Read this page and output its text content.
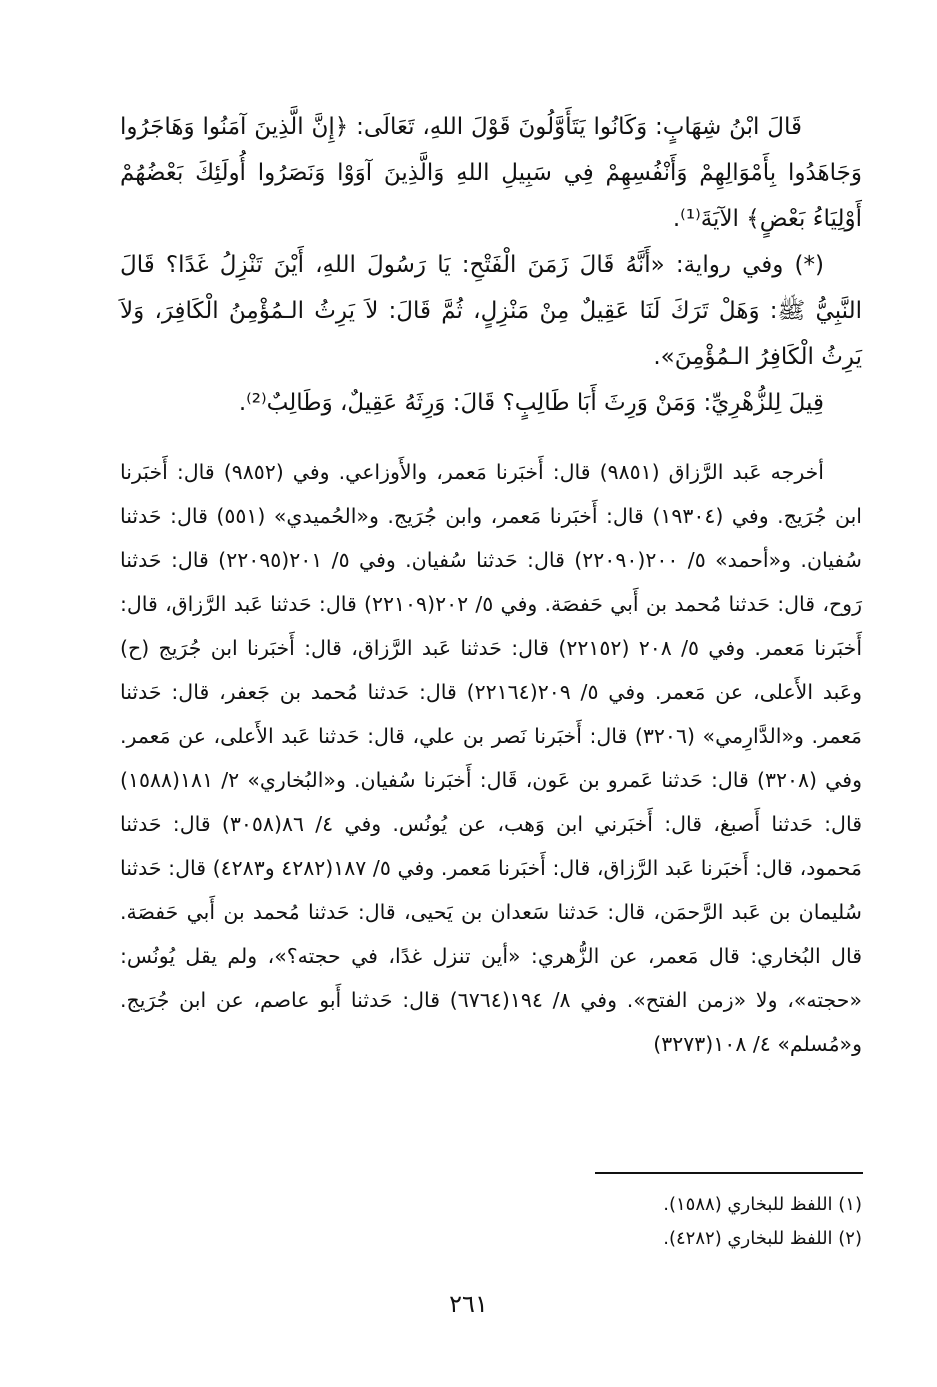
قَالَ ابْنُ شِهَابٍ: وَكَانُوا يَتَأَوَّلُونَ قَوْلَ اللهِ، تَعَالَى: ﴿إِنَّ الَّذِينَ آمَنُوا وَهَاجَرُوا وَجَاهَدُوا بِأَمْوَالِهِمْ وَأَنْفُسِهِمْ فِي سَبِيلِ اللهِ وَالَّذِينَ آوَوْا وَنَصَرُوا أُولَئِكَ بَعْضُهُمْ أَوْلِيَاءُ بَعْضٍ﴾ الآيَةَ⁽¹⁾.

(*) وفي رواية: «أَنَّهُ قَالَ زَمَنَ الْفَتْحِ: يَا رَسُولَ اللهِ، أَيْنَ تَنْزِلُ غَدًا؟ قَالَ النَّبِيُّ ﷺ: وَهَلْ تَرَكَ لَنَا عَقِيلٌ مِنْ مَنْزِلٍ، ثُمَّ قَالَ: لاَ يَرِثُ الـمُؤْمِنُ الْكَافِرَ، وَلاَ يَرِثُ الْكَافِرُ الـمُؤْمِنَ».

قِيلَ لِلزُّهْرِيِّ: وَمَنْ وَرِثَ أَبَا طَالِبٍ؟ قَالَ: وَرِثَهُ عَقِيلٌ، وَطَالِبٌ⁽²⁾.

أخرجه عَبد الرَّزاق (٩٨٥١) قال: أَخبَرنا مَعمر، والأَوزاعي. وفي (٩٨٥٢) قال: أَخبَرنا ابن جُرَيج. وفي (١٩٣٠٤) قال: أَخبَرنا مَعمر، وابن جُرَيج. و«الحُميدي» (٥٥١) قال: حَدثنا سُفيان. و«أحمد» ٥/ ٢٠٠(٢٢٠٩٠) قال: حَدثنا سُفيان. وفي ٥/ ٢٠١(٢٢٠٩٥) قال: حَدثنا رَوح، قال: حَدثنا مُحمد بن أَبي حَفصَة. وفي ٥/ ٢٠٢(٢٢١٠٩) قال: حَدثنا عَبد الرَّزاق، قال: أَخبَرنا مَعمر. وفي ٥/ ٢٠٨ (٢٢١٥٢) قال: حَدثنا عَبد الرَّزاق، قال: أَخبَرنا ابن جُرَيج (ح) وعَبد الأَعلى، عن مَعمر. وفي ٥/ ٢٠٩(٢٢١٦٤) قال: حَدثنا مُحمد بن جَعفر، قال: حَدثنا مَعمر. و«الدَّارِمي» (٣٢٠٦) قال: أَخبَرنا نَصر بن علي، قال: حَدثنا عَبد الأَعلى، عن مَعمر. وفي (٣٢٠٨) قال: حَدثنا عَمرو بن عَون، قَال: أَخبَرنا سُفيان. و«البُخاري» ٢/ ١٨١(١٥٨٨) قال: حَدثنا أَصبغ، قال: أَخبَرني ابن وَهب، عن يُونُس. وفي ٤/ ٨٦(٣٠٥٨) قال: حَدثنا مَحمود، قال: أَخبَرنا عَبد الرَّزاق، قال: أَخبَرنا مَعمر. وفي ٥/ ١٨٧(٤٢٨٢ و٤٢٨٣) قال: حَدثنا سُليمان بن عَبد الرَّحمَن، قال: حَدثنا سَعدان بن يَحيى، قال: حَدثنا مُحمد بن أَبي حَفصَة. قال البُخاري: قال مَعمر، عن الزُّهري: «أين تنزل غدًا، في حجته؟»، ولم يقل يُونُس: «حجته»، ولا «زمن الفتح». وفي ٨/ ١٩٤(٦٧٦٤) قال: حَدثنا أَبو عاصم، عن ابن جُرَيج. و«مُسلم» ٤/ ١٠٨(٣٢٧٣)

(١) اللفظ للبخاري (١٥٨٨).

(٢) اللفظ للبخاري (٤٢٨٢).

٢٦١
